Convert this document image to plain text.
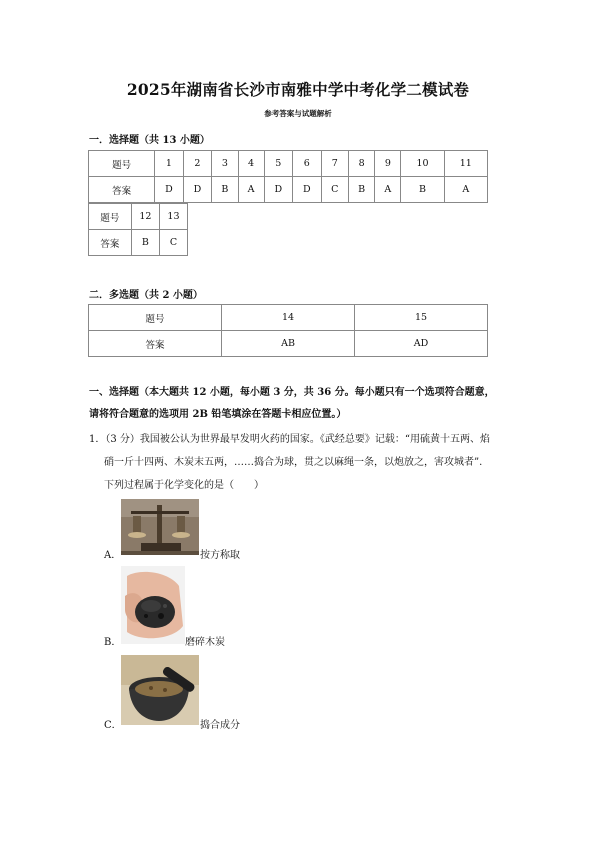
2025年湖南省长沙市南雅中学中考化学二模试卷
参考答案与试题解析
一．选择题（共 13 小题）
题号	1	2	3	4	5	6	7	8	9	10	11
答案	D	D	B	A	D	D	C	B	A	B	A
题号	12	13
答案	B	C
二．多选题（共 2 小题）
题号	14	15
答案	AB	AD
一、选择题（本大题共 12 小题，每小题 3 分，共 36 分。每小题只有一个选项符合题意，
请将符合题意的选项用 2B 铅笔填涂在答题卡相应位置。）
1．（3 分）我国被公认为世界最早发明火药的国家。《武经总要》记载：“用硫黄十五两、焰
硝一斤十四两、木炭末五两，……捣合为球，贯之以麻绳一条，以炮放之，害攻城者”.
下列过程属于化学变化的是（　　）
A．	按方称取
B．	磨碎木炭
C．	捣合成分
